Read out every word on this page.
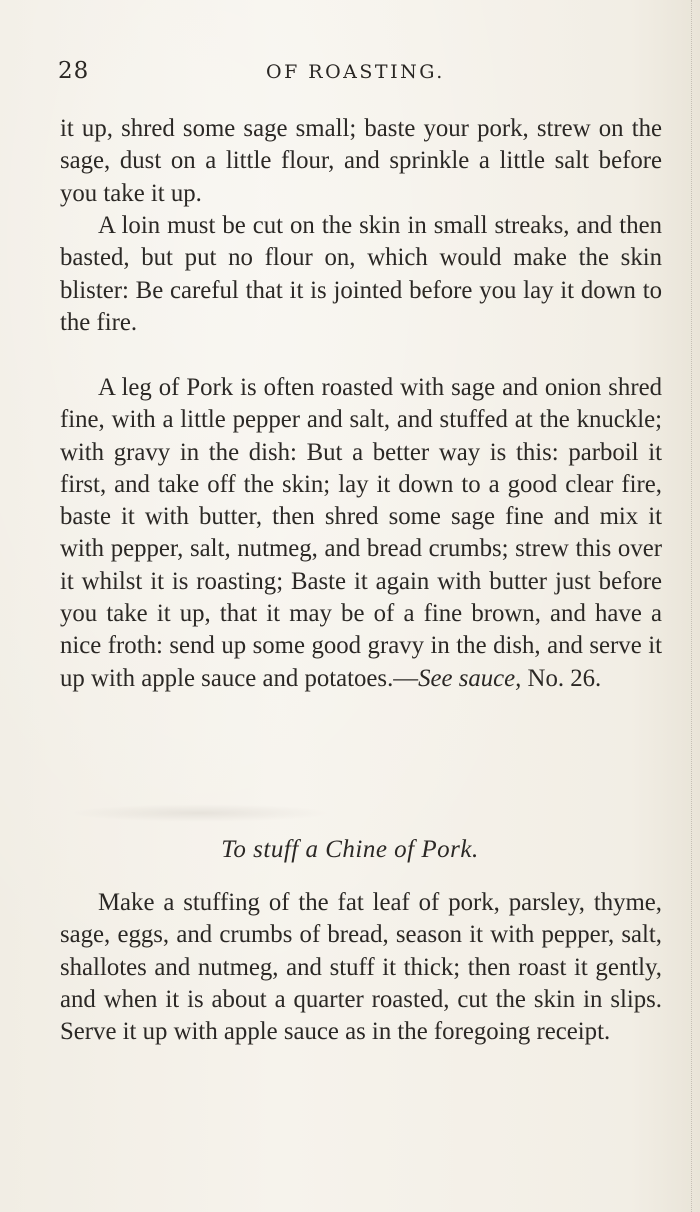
28	OF ROASTING.

it up, shred some sage small; baste your pork, strew on the sage, dust on a little flour, and sprinkle a little salt before you take it up.

A loin must be cut on the skin in small streaks, and then basted, but put no flour on, which would make the skin blister: Be careful that it is jointed before you lay it down to the fire.

A leg of Pork is often roasted with sage and onion shred fine, with a little pepper and salt, and stuffed at the knuckle; with gravy in the dish: But a better way is this: parboil it first, and take off the skin; lay it down to a good clear fire, baste it with butter, then shred some sage fine and mix it with pepper, salt, nutmeg, and bread crumbs; strew this over it whilst it is roasting; Baste it again with butter just before you take it up, that it may be of a fine brown, and have a nice froth: send up some good gravy in the dish, and serve it up with apple sauce and potatoes.—See sauce, No. 26.

To stuff a Chine of Pork.

Make a stuffing of the fat leaf of pork, parsley, thyme, sage, eggs, and crumbs of bread, season it with pepper, salt, shallotes and nutmeg, and stuff it thick; then roast it gently, and when it is about a quarter roasted, cut the skin in slips. Serve it up with apple sauce as in the foregoing receipt.
